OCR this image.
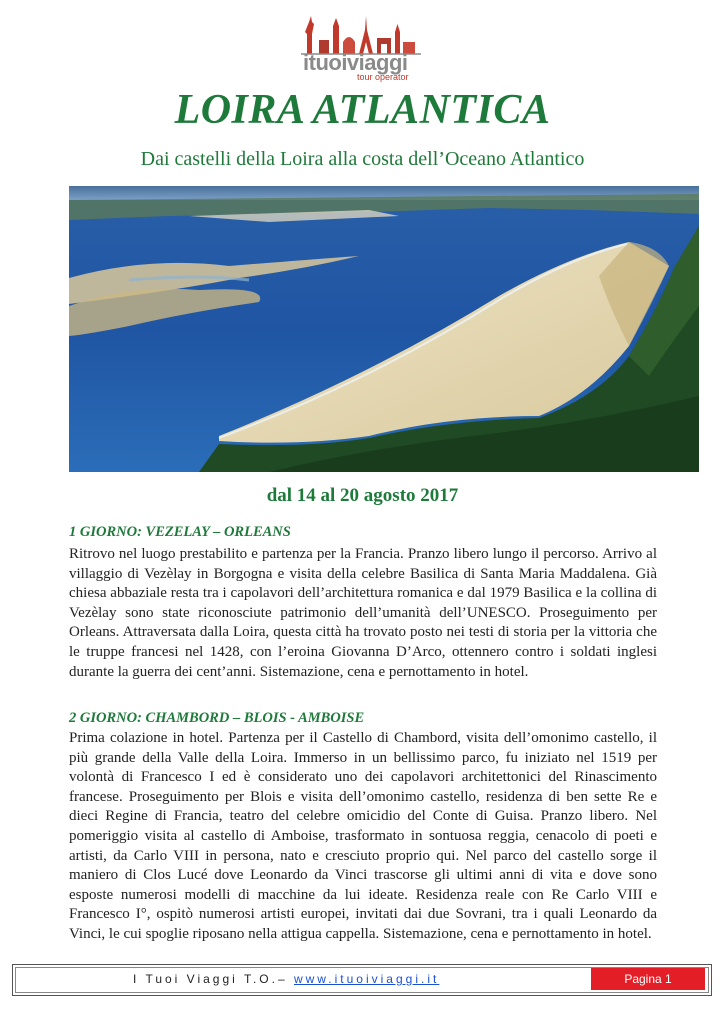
ituoiviaggi
tour operator
LOIRA ATLANTICA
Dai castelli della Loira alla costa dell’Oceano Atlantico
dal 14 al 20 agosto 2017
1 GIORNO: VEZELAY – ORLEANS
Ritrovo nel luogo prestabilito e partenza per la Francia. Pranzo libero lungo il percorso. Arrivo al villaggio di Vezèlay in Borgogna e visita della celebre Basilica di Santa Maria Maddalena. Già chiesa abbaziale resta tra i capolavori dell’architettura romanica e dal 1979 Basilica e la collina di Vezèlay sono state riconosciute patrimonio dell’umanità dell’UNESCO. Proseguimento per Orleans. Attraversata dalla Loira, questa città ha trovato posto nei testi di storia per la vittoria che le truppe francesi nel 1428, con l’eroina Giovanna D’Arco, ottennero contro i soldati inglesi durante la guerra dei cent’anni. Sistemazione, cena e pernottamento in hotel.
2 GIORNO: CHAMBORD – BLOIS - AMBOISE
Prima colazione in hotel. Partenza per il Castello di Chambord, visita dell’omonimo castello, il più grande della Valle della Loira. Immerso in un bellissimo parco, fu iniziato nel 1519 per volontà di Francesco I ed è considerato uno dei capolavori architettonici del Rinascimento francese. Proseguimento per Blois e visita dell’omonimo castello, residenza di ben sette Re e dieci Regine di Francia, teatro del celebre omicidio del Conte di Guisa. Pranzo libero. Nel pomeriggio visita al castello di Amboise, trasformato in sontuosa reggia, cenacolo di poeti e artisti, da Carlo VIII in persona, nato e cresciuto proprio qui. Nel parco del castello sorge il maniero di Clos Lucé dove Leonardo da Vinci trascorse gli ultimi anni di vita e dove sono esposte numerosi modelli di macchine da lui ideate. Residenza reale con Re Carlo VIII e Francesco I°, ospitò numerosi artisti europei, invitati dai due Sovrani, tra i quali Leonardo da Vinci, le cui spoglie riposano nella attigua cappella. Sistemazione, cena e pernottamento in hotel.
I Tuoi Viaggi T.O.– www.ituoiviaggi.it	Pagina 1
